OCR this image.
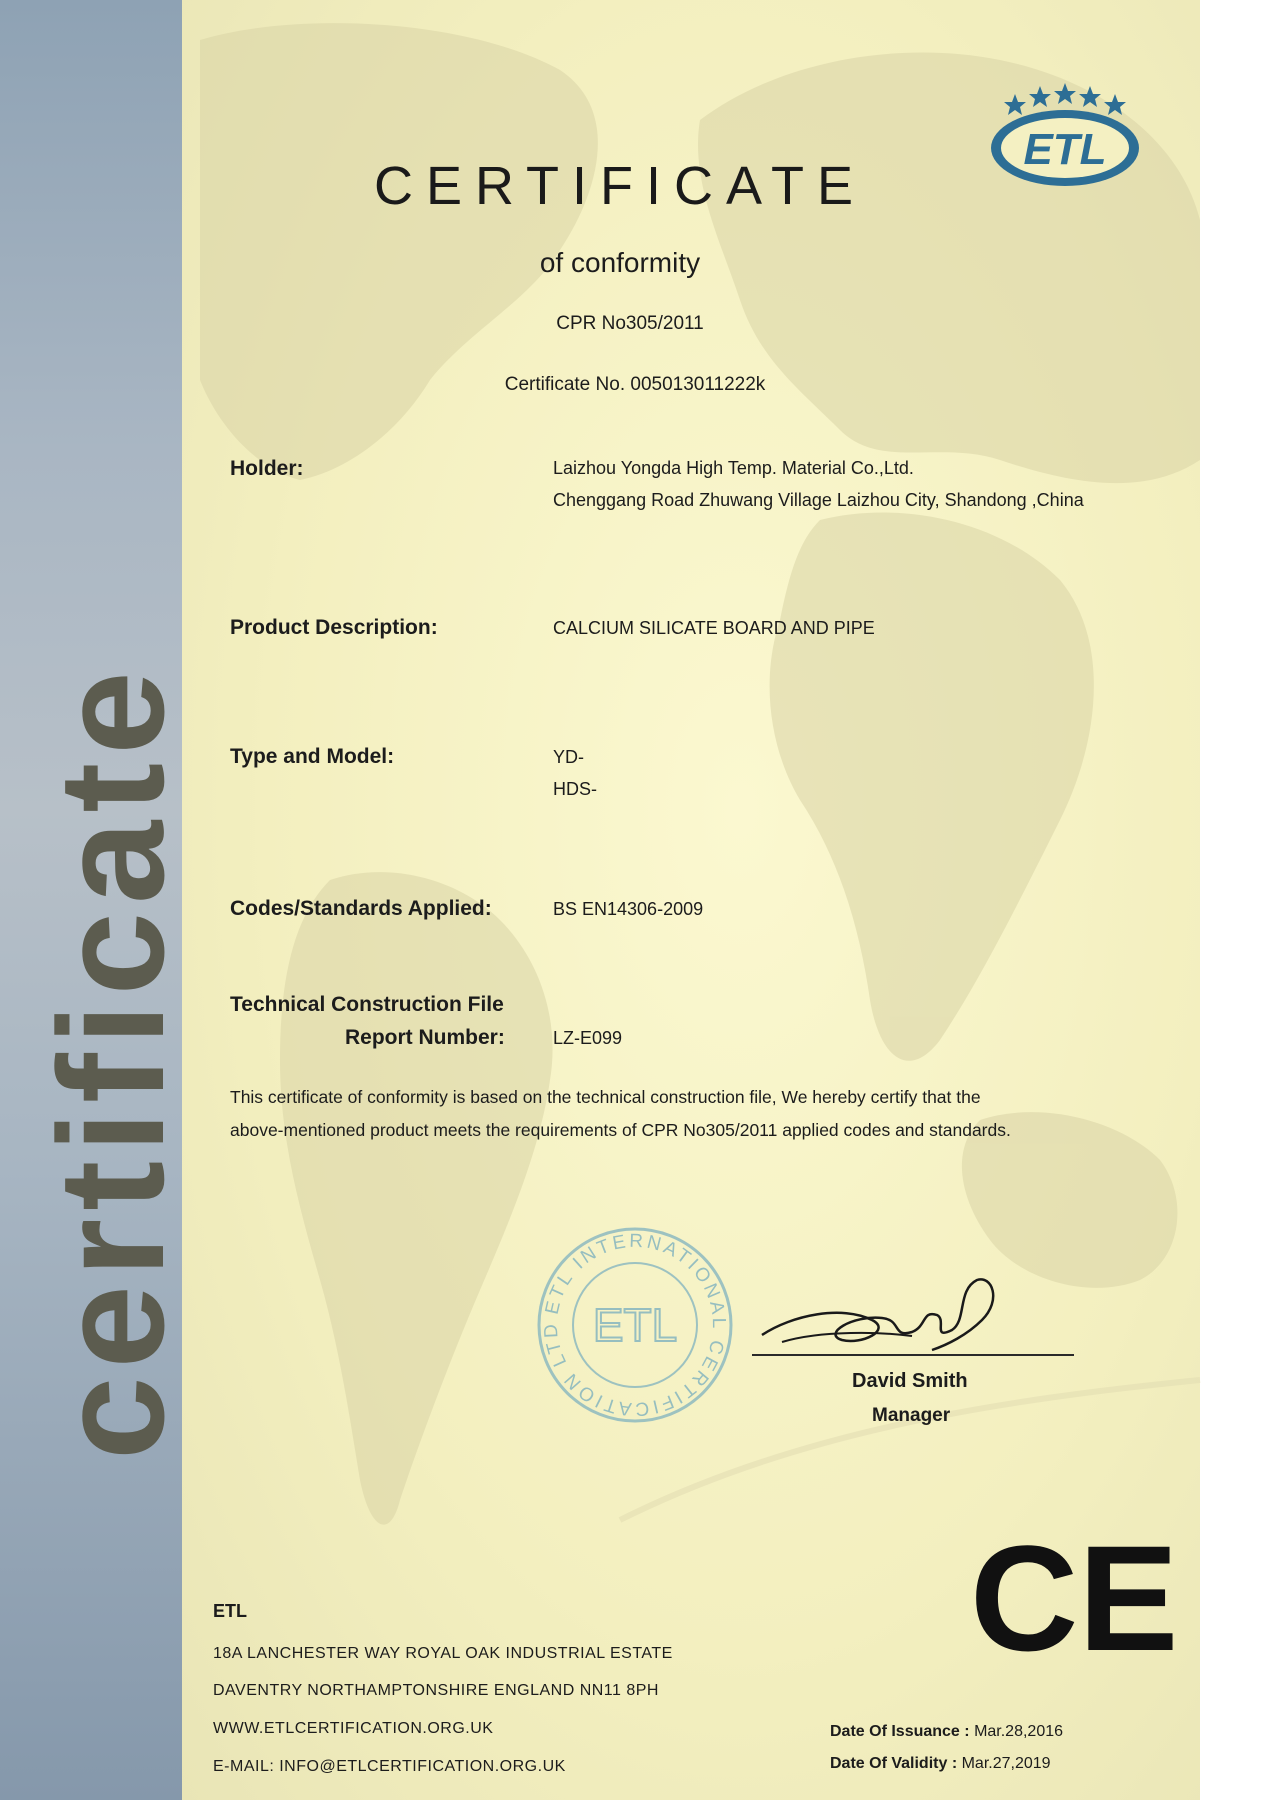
certificate
ETL
CERTIFICATE
of conformity
CPR No305/2011
Certificate No. 005013011222k
Holder:	Laizhou Yongda High Temp. Material Co.,Ltd.
Chenggang Road Zhuwang Village Laizhou City, Shandong ,China
Product Description:	CALCIUM SILICATE BOARD AND PIPE
Type and Model:	YD-
HDS-
Codes/Standards Applied:	BS EN14306-2009
Technical Construction File
Report Number:	LZ-E099
This certificate of conformity is based on the technical construction file, We hereby certify that the
above-mentioned product meets the requirements of CPR No305/2011 applied codes and standards.
ETL INTERNATIONAL CERTIFICATION LTD ETL
David Smith
Manager
CE
ETL
18A LANCHESTER WAY ROYAL OAK INDUSTRIAL ESTATE
DAVENTRY NORTHAMPTONSHIRE ENGLAND NN11 8PH
WWW.ETLCERTIFICATION.ORG.UK
E-MAIL: INFO@ETLCERTIFICATION.ORG.UK
Date Of Issuance : Mar.28,2016
Date Of Validity : Mar.27,2019
